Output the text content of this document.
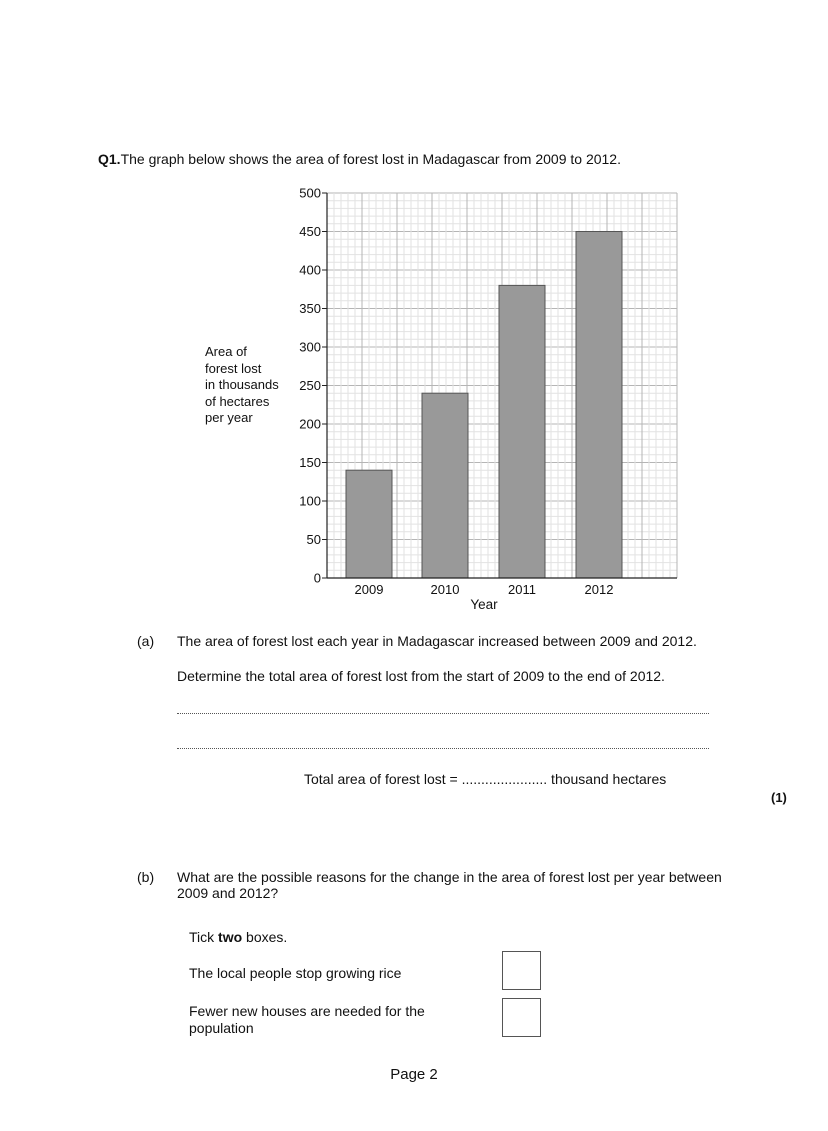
Q1.The graph below shows the area of forest lost in Madagascar from 2009 to 2012.
Area of
forest lost
in thousands
of hectares
per year
2009	2010	2011	2012
0
50
100
150
200
250
300
350
400
450
500
Year
(a) The area of forest lost each year in Madagascar increased between 2009 and 2012.
Determine the total area of forest lost from the start of 2009 to the end of 2012.
Total area of forest lost = ...................... thousand hectares
(1)
(b) What are the possible reasons for the change in the area of forest lost per year between 2009 and 2012?
Tick two boxes.
The local people stop growing rice
Fewer new houses are needed for the population
Page 2
